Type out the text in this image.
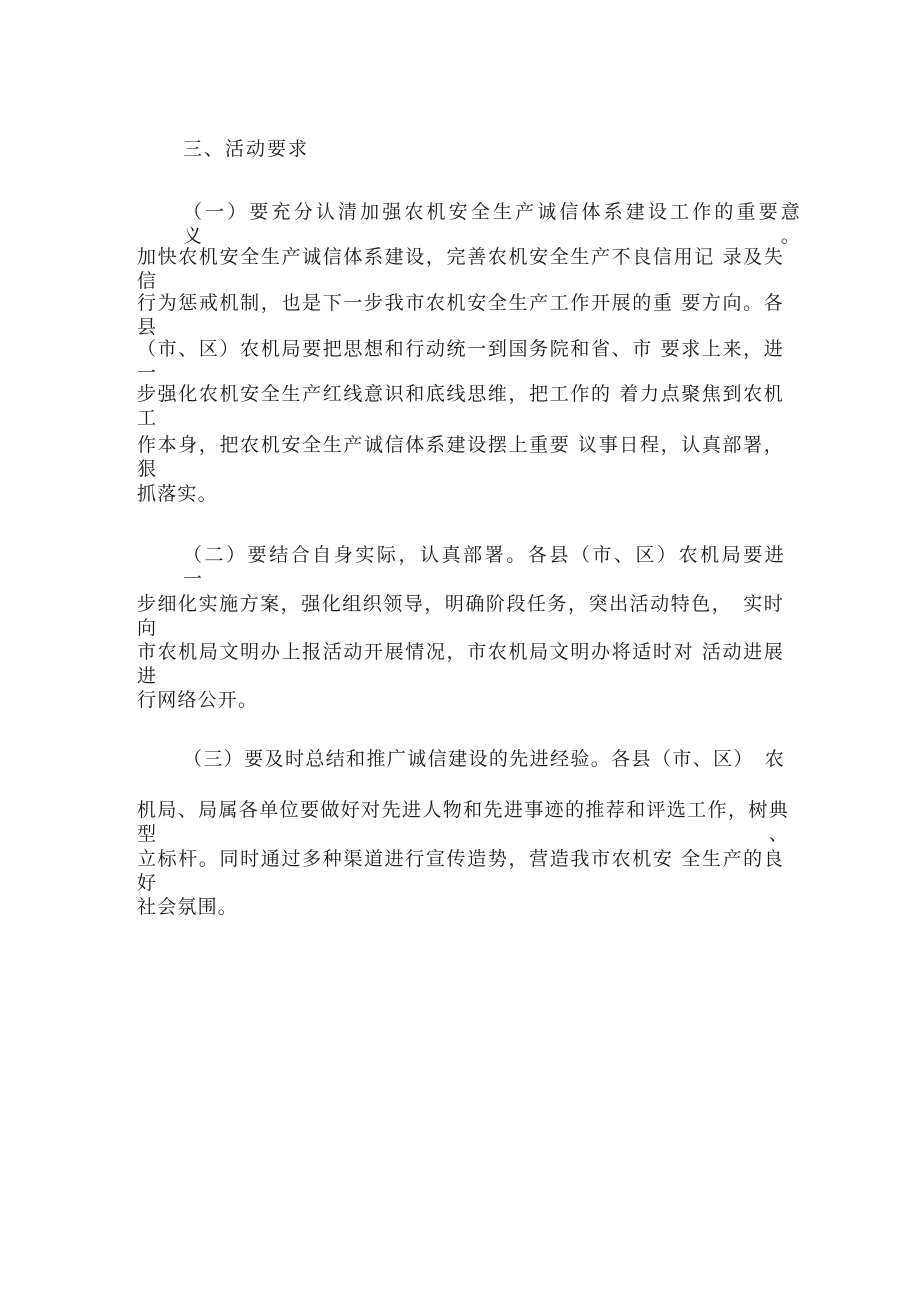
三、活动要求
（一）要充分认清加强农机安全生产诚信体系建设工作的重要意　义。
加快农机安全生产诚信体系建设，完善农机安全生产不良信用记 录及失信
行为惩戒机制，也是下一步我市农机安全生产工作开展的重 要方向。各县
（市、区）农机局要把思想和行动统一到国务院和省、市 要求上来，进一
步强化农机安全生产红线意识和底线思维，把工作的 着力点聚焦到农机工
作本身，把农机安全生产诚信体系建设摆上重要 议事日程，认真部署，狠
抓落实。
（二）要结合自身实际，认真部署。各县（市、区）农机局要进　一
步细化实施方案，强化组织领导，明确阶段任务，突出活动特色，　实时向
市农机局文明办上报活动开展情况，市农机局文明办将适时对 活动进展进
行网络公开。
（三）要及时总结和推广诚信建设的先进经验。各县（市、区）　农
机局、局属各单位要做好对先进人物和先进事迹的推荐和评选工作，树典型、
立标杆。同时通过多种渠道进行宣传造势，营造我市农机安 全生产的良好
社会氛围。
